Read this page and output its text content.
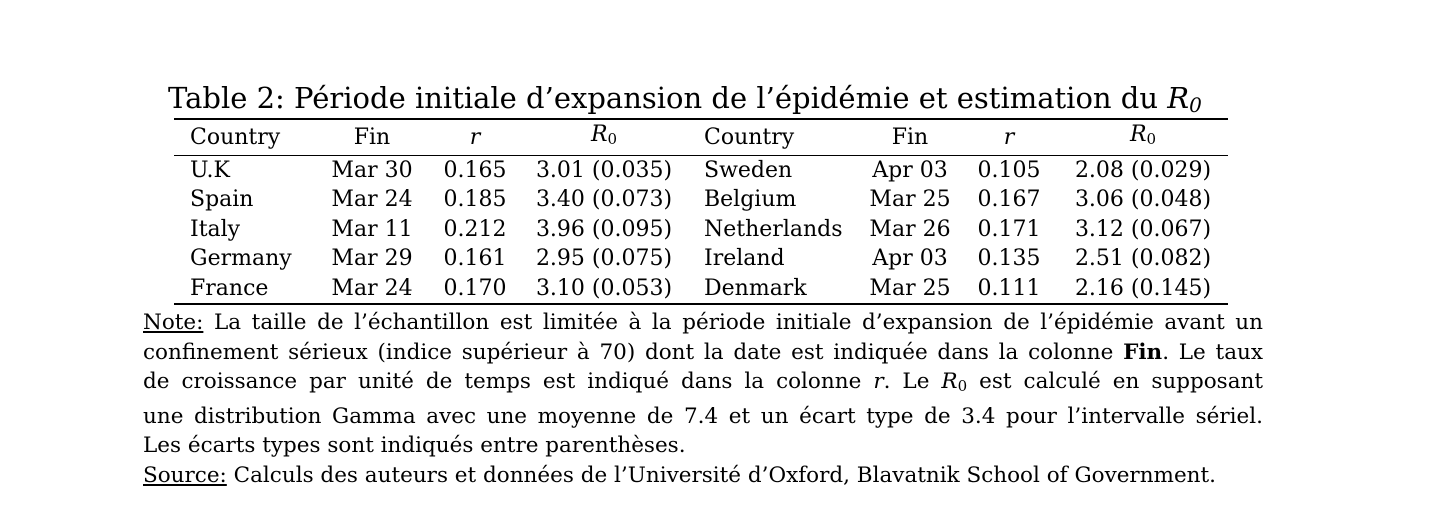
Table 2: Période initiale d’expansion de l’épidémie et estimation du $R_0$
Country	Fin	r	$R_0$	Country	Fin	r	$R_0$
U.K	Mar 30	0.165	3.01 (0.035)	Sweden	Apr 03	0.105	2.08 (0.029)
Spain	Mar 24	0.185	3.40 (0.073)	Belgium	Mar 25	0.167	3.06 (0.048)
Italy	Mar 11	0.212	3.96 (0.095)	Netherlands	Mar 26	0.171	3.12 (0.067)
Germany	Mar 29	0.161	2.95 (0.075)	Ireland	Apr 03	0.135	2.51 (0.082)
France	Mar 24	0.170	3.10 (0.053)	Denmark	Mar 25	0.111	2.16 (0.145)
Note: La taille de l’échantillon est limitée à la période initiale d’expansion de l’épidémie avant un
confinement sérieux (indice supérieur à 70) dont la date est indiquée dans la colonne Fin. Le taux
de croissance par unité de temps est indiqué dans la colonne r. Le $R_0$ est calculé en supposant
une distribution Gamma avec une moyenne de 7.4 et un écart type de 3.4 pour l’intervalle sériel.
Les écarts types sont indiqués entre parenthèses.
Source: Calculs des auteurs et données de l’Université d’Oxford, Blavatnik School of Government.
